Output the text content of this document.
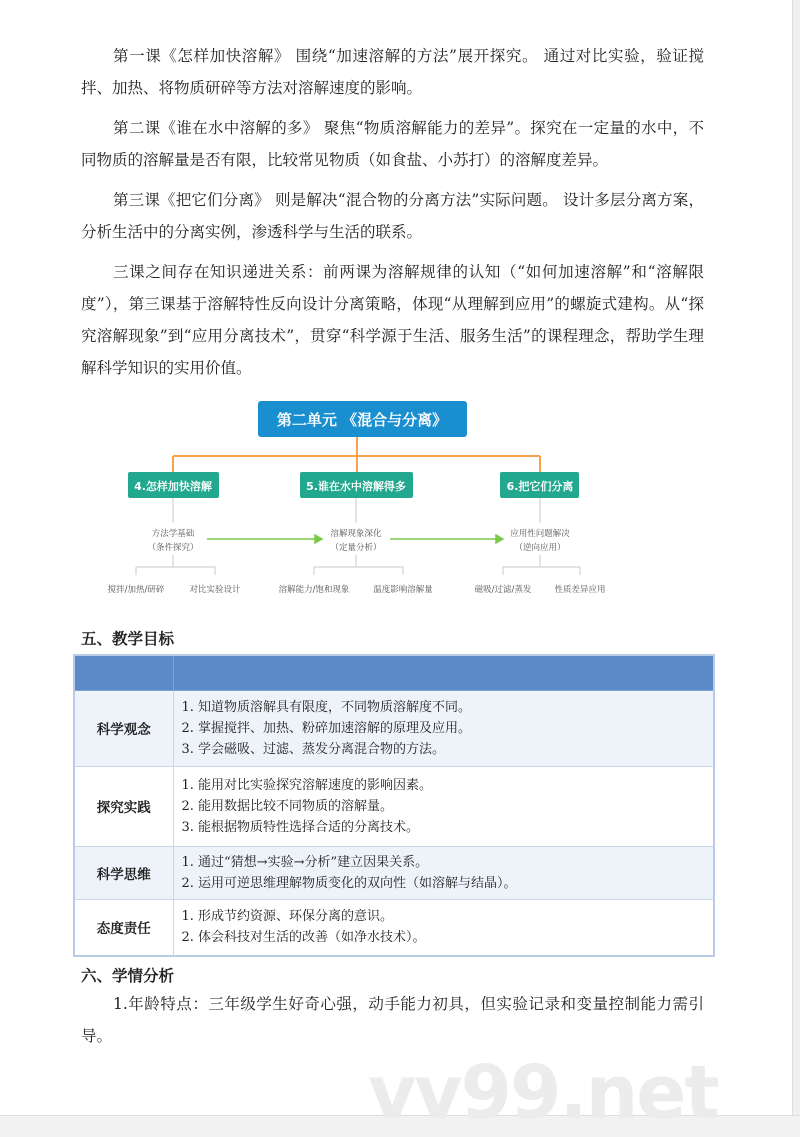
第一课《怎样加快溶解》 围绕“加速溶解的方法”展开探究。 通过对比实验，验证搅拌、加热、将物质研碎等方法对溶解速度的影响。

第二课《谁在水中溶解的多》 聚焦“物质溶解能力的差异”。探究在一定量的水中，不同物质的溶解量是否有限，比较常见物质（如食盐、小苏打）的溶解度差异。

第三课《把它们分离》 则是解决“混合物的分离方法”实际问题。 设计多层分离方案，分析生活中的分离实例，渗透科学与生活的联系。

三课之间存在知识递进关系：前两课为溶解规律的认知（“如何加速溶解”和“溶解限度”），第三课基于溶解特性反向设计分离策略，体现“从理解到应用”的螺旋式建构。从“探究溶解现象”到“应用分离技术”，贯穿“科学源于生活、服务生活”的课程理念，帮助学生理解科学知识的实用价值。

第二单元 《混合与分离》
4.怎样加快溶解	5.谁在水中溶解得多	6.把它们分离
方法学基础
（条件探究）
溶解现象深化
（定量分析）
应用性问题解决
（逆向应用）
搅拌/加热/研碎	对比实验设计	溶解能力/饱和现象	温度影响溶解量	磁吸/过滤/蒸发	性质差异应用
五、教学目标

科学观念	1. 知道物质溶解具有限度，不同物质溶解度不同。
2. 掌握搅拌、加热、粉碎加速溶解的原理及应用。
3. 学会磁吸、过滤、蒸发分离混合物的方法。

探究实践	1. 能用对比实验探究溶解速度的影响因素。
2. 能用数据比较不同物质的溶解量。
3. 能根据物质特性选择合适的分离技术。

科学思维	1. 通过“猜想→实验→分析”建立因果关系。
2. 运用可逆思维理解物质变化的双向性（如溶解与结晶）。

态度责任	1. 形成节约资源、环保分离的意识。
2. 体会科技对生活的改善（如净水技术）。
六、学情分析

1.年龄特点：三年级学生好奇心强，动手能力初具，但实验记录和变量控制能力需引导。

vv99.net
